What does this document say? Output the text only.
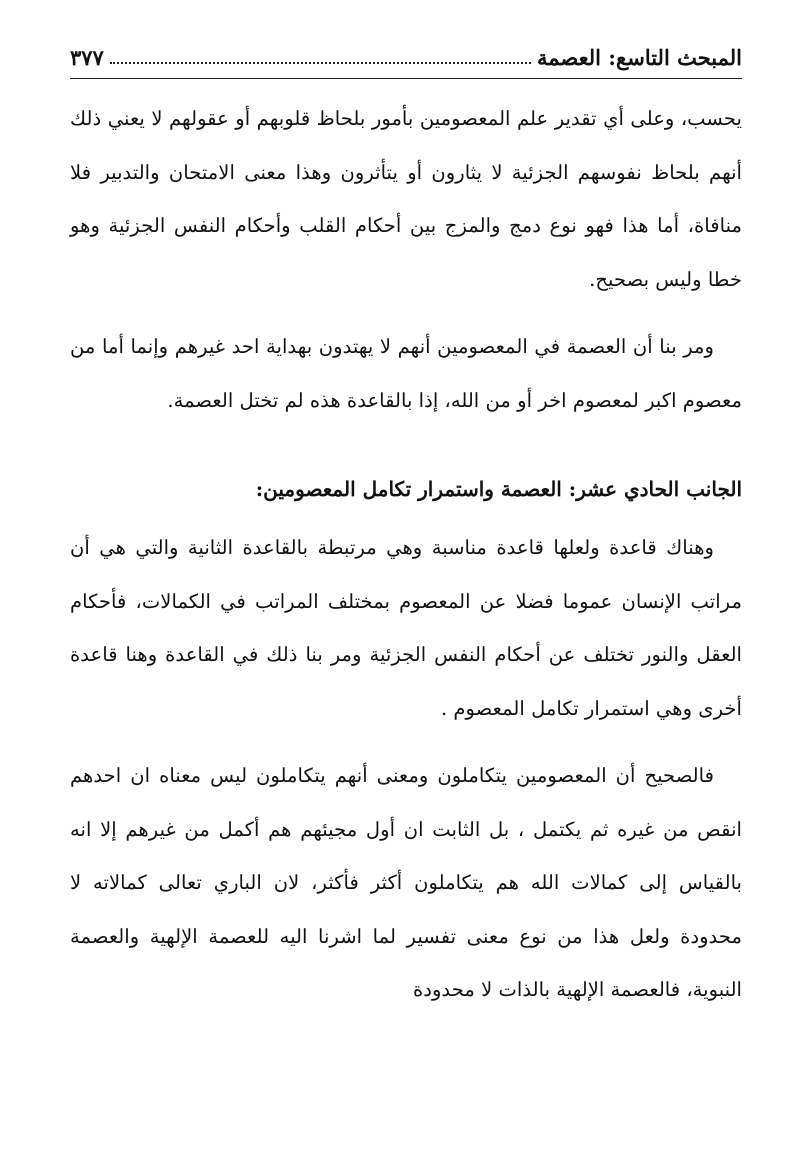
٣٧٧	المبحث التاسع: العصمة

يحسب، وعلى أي تقدير علم المعصومين بأمور بلحاظ قلوبهم أو عقولهم لا يعني ذلك أنهم بلحاظ نفوسهم الجزئية لا يثارون أو يتأثرون وهذا معنى الامتحان والتدبير فلا منافاة، أما هذا فهو نوع دمج والمزج بين أحكام القلب وأحكام النفس الجزئية وهو خطا وليس بصحيح.

ومر بنا أن العصمة في المعصومين أنهم لا يهتدون بهداية احد غيرهم وإنما أما من معصوم اكبر لمعصوم اخر أو من الله، إذا بالقاعدة هذه لم تختل العصمة.

الجانب الحادي عشر: العصمة واستمرار تكامل المعصومين:

وهناك قاعدة ولعلها قاعدة مناسبة وهي مرتبطة بالقاعدة الثانية والتي هي أن مراتب الإنسان عموما فضلا عن المعصوم بمختلف المراتب في الكمالات، فأحكام العقل والنور تختلف عن أحكام النفس الجزئية ومر بنا ذلك في القاعدة وهنا قاعدة أخرى وهي استمرار تكامل المعصوم .

فالصحيح أن المعصومين يتكاملون ومعنى أنهم يتكاملون ليس معناه ان احدهم انقص من غيره ثم يكتمل ، بل الثابت ان أول مجيئهم هم أكمل من غيرهم إلا انه بالقياس إلى كمالات الله هم يتكاملون أكثر فأكثر، لان الباري تعالى كمالاته لا محدودة ولعل هذا من نوع معنى تفسير لما اشرنا اليه للعصمة الإلهية والعصمة النبوية، فالعصمة الإلهية بالذات لا محدودة
